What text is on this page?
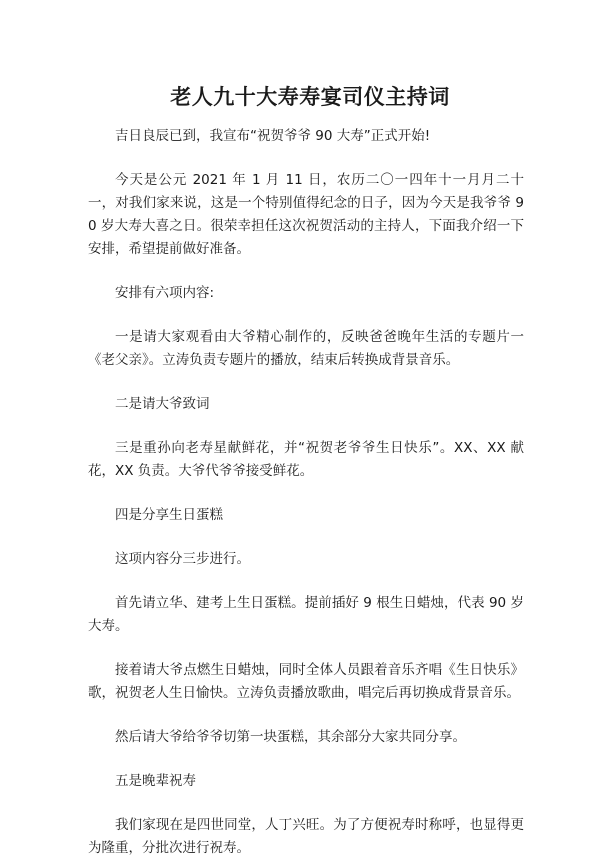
老人九十大寿寿宴司仪主持词

吉日良辰已到，我宣布“祝贺爷爷 90 大寿”正式开始!

今天是公元 2021 年 1 月 11 日，农历二〇一四年十一月月二十一，对我们家来说，这是一个特别值得纪念的日子，因为今天是我爷爷 90 岁大寿大喜之日。很荣幸担任这次祝贺活动的主持人，下面我介绍一下安排，希望提前做好准备。

安排有六项内容:

一是请大家观看由大爷精心制作的，反映爸爸晚年生活的专题片一《老父亲》。立涛负责专题片的播放，结束后转换成背景音乐。

二是请大爷致词

三是重孙向老寿星献鲜花，并“祝贺老爷爷生日快乐”。XX、XX 献花，XX 负责。大爷代爷爷接受鲜花。

四是分享生日蛋糕

这项内容分三步进行。

首先请立华、建考上生日蛋糕。提前插好 9 根生日蜡烛，代表 90 岁大寿。

接着请大爷点燃生日蜡烛，同时全体人员跟着音乐齐唱《生日快乐》歌，祝贺老人生日愉快。立涛负责播放歌曲，唱完后再切换成背景音乐。

然后请大爷给爷爷切第一块蛋糕，其余部分大家共同分享。

五是晚辈祝寿

我们家现在是四世同堂，人丁兴旺。为了方便祝寿时称呼，也显得更为隆重，分批次进行祝寿。
